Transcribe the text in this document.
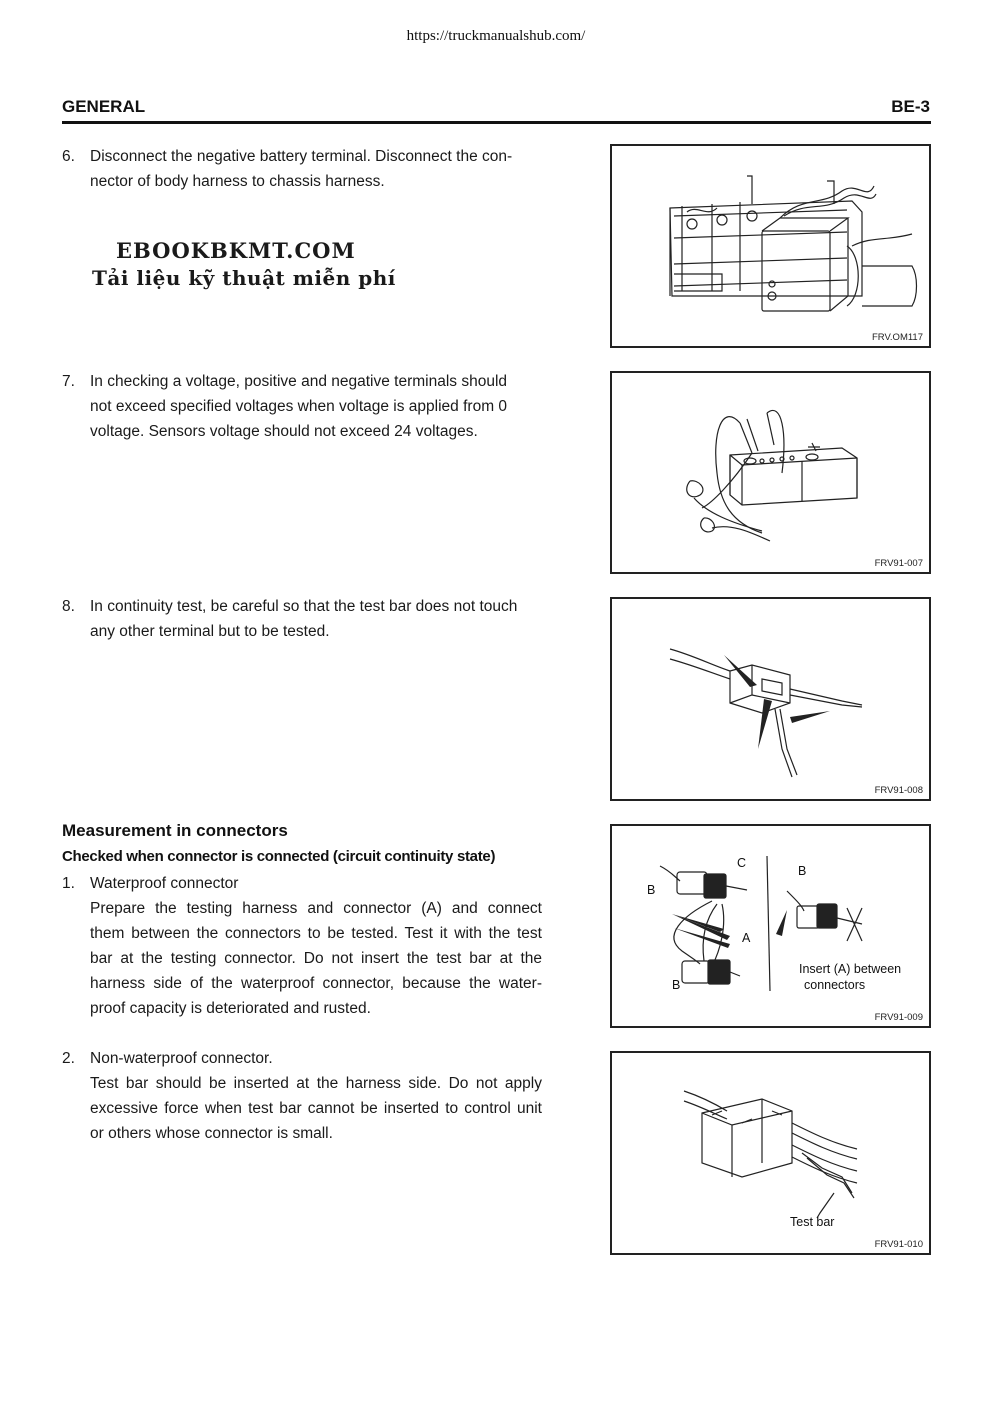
https://truckmanualshub.com/
GENERAL	BE-3
6. Disconnect the negative battery terminal. Disconnect the con-
nector of body harness to chassis harness.
EBOOKBKMT.COM
Tải liệu kỹ thuật miễn phí
7. In checking a voltage, positive and negative terminals should
not exceed specified voltages when voltage is applied from 0
voltage. Sensors voltage should not exceed 24 voltages.
8. In continuity test, be careful so that the test bar does not touch
any other terminal but to be tested.
Measurement in connectors
Checked when connector is connected (circuit continuity state)
1. Waterproof connector
Prepare the testing harness and connector (A) and connect
them between the connectors to be tested. Test it with the test
bar at the testing connector. Do not insert the test bar at the
harness side of the waterproof connector, because the water-
proof capacity is deteriorated and rusted.
2. Non-waterproof connector.
Test bar should be inserted at the harness side. Do not apply
excessive force when test bar cannot be inserted to control unit
or others whose connector is small.
FRV.OM117
FRV91-007
FRV91-008
C
B
B
A
B
Insert (A) between
connectors
FRV91-009
Test bar
FRV91-010
